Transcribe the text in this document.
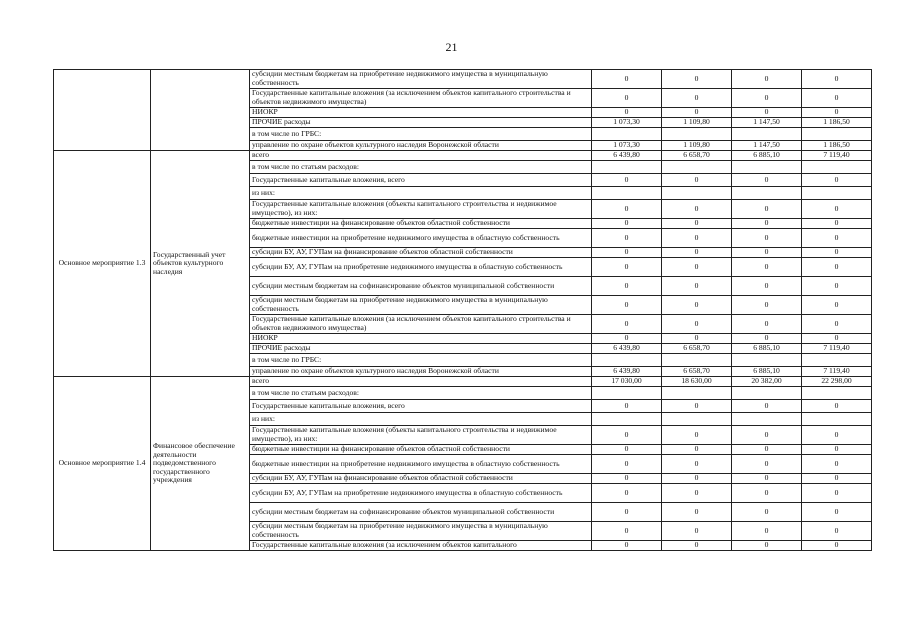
21
		субсидии местным бюджетам на приобретение недвижимого имущества в муниципальную собственность	0	0	0	0
		Государственные капитальные вложения (за исключением объектов капитального строительства и объектов недвижимого имущества)	0	0	0	0
		НИОКР	0	0	0	0
		ПРОЧИЕ расходы	1 073,30	1 109,80	1 147,50	1 186,50
		в том числе по ГРБС:				
		управление по охране объектов культурного наследия Воронежской области	1 073,30	1 109,80	1 147,50	1 186,50
Основное мероприятие 1.3	Государственный учет объектов культурного наследия	всего	6 439,80	6 658,70	6 885,10	7 119,40
		в том числе по статьям расходов:				
		Государственные капитальные вложения, всего	0	0	0	0
		из них:				
		Государственные капитальные вложения (объекты капитального строительства и недвижимое имущество), из них:	0	0	0	0
		бюджетные инвестиции на финансирование объектов областной собственности	0	0	0	0
		бюджетные инвестиции на приобретение недвижимого имущества в областную собственность	0	0	0	0
		субсидии БУ, АУ, ГУПам на финансирование объектов областной собственности	0	0	0	0
		субсидии БУ, АУ, ГУПам на приобретение недвижимого имущества в областную собственность	0	0	0	0
		субсидии местным бюджетам на софинансирование объектов муниципальной собственности	0	0	0	0
		субсидии местным бюджетам на приобретение недвижимого имущества в муниципальную собственность	0	0	0	0
		Государственные капитальные вложения (за исключением объектов капитального строительства и объектов недвижимого имущества)	0	0	0	0
		НИОКР	0	0	0	0
		ПРОЧИЕ расходы	6 439,80	6 658,70	6 885,10	7 119,40
		в том числе по ГРБС:				
		управление по охране объектов культурного наследия Воронежской области	6 439,80	6 658,70	6 885,10	7 119,40
Основное мероприятие 1.4	Финансовое обеспечение деятельности подведомственного государственного учреждения	всего	17 030,00	18 630,00	20 382,00	22 298,00
		в том числе по статьям расходов:				
		Государственные капитальные вложения, всего	0	0	0	0
		из них:				
		Государственные капитальные вложения (объекты капитального строительства и недвижимое имущество), из них:	0	0	0	0
		бюджетные инвестиции на финансирование объектов областной собственности	0	0	0	0
		бюджетные инвестиции на приобретение недвижимого имущества в областную собственность	0	0	0	0
		субсидии БУ, АУ, ГУПам на финансирование объектов областной собственности	0	0	0	0
		субсидии БУ, АУ, ГУПам на приобретение недвижимого имущества в областную собственность	0	0	0	0
		субсидии местным бюджетам на софинансирование объектов муниципальной собственности	0	0	0	0
		субсидии местным бюджетам на приобретение недвижимого имущества в муниципальную собственность	0	0	0	0
		Государственные капитальные вложения (за исключением объектов капитального	0	0	0	0
